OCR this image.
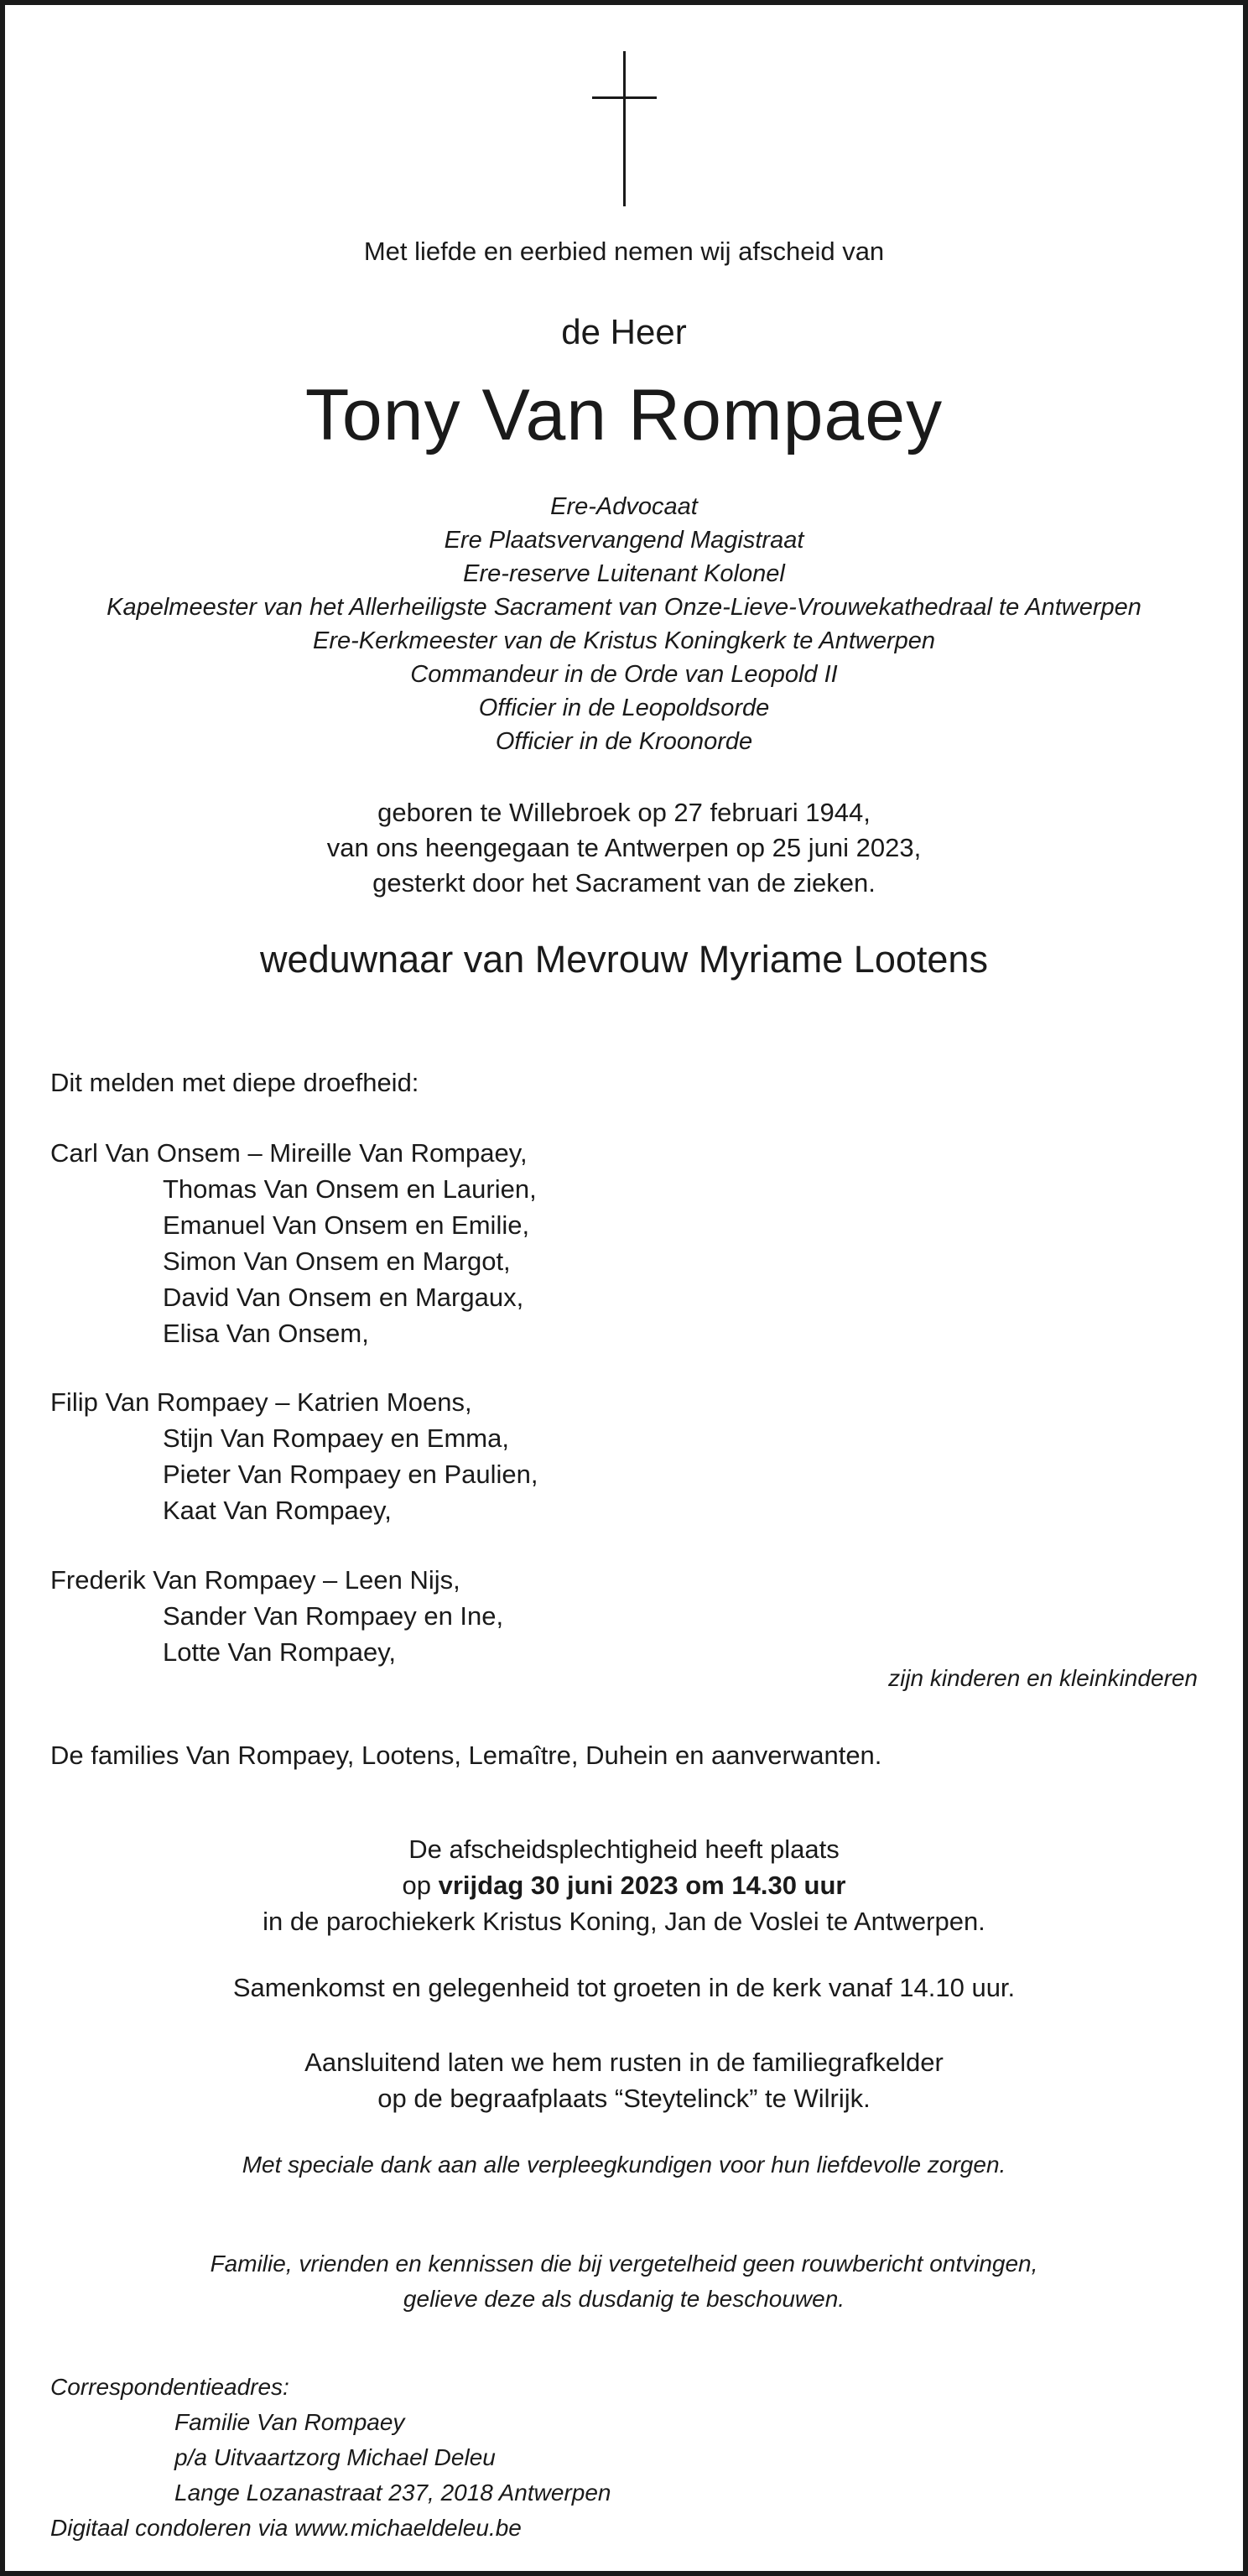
Met liefde en eerbied nemen wij afscheid van
de Heer
Tony Van Rompaey
Ere-Advocaat
Ere Plaatsvervangend Magistraat
Ere-reserve Luitenant Kolonel
Kapelmeester van het Allerheiligste Sacrament van Onze-Lieve-Vrouwekathedraal te Antwerpen
Ere-Kerkmeester van de Kristus Koningkerk te Antwerpen
Commandeur in de Orde van Leopold II
Officier in de Leopoldsorde
Officier in de Kroonorde
geboren te Willebroek op 27 februari 1944,
van ons heengegaan te Antwerpen op 25 juni 2023,
gesterkt door het Sacrament van de zieken.
weduwnaar van Mevrouw Myriame Lootens
Dit melden met diepe droefheid:
Carl Van Onsem – Mireille Van Rompaey,
Thomas Van Onsem en Laurien,
Emanuel Van Onsem en Emilie,
Simon Van Onsem en Margot,
David Van Onsem en Margaux,
Elisa Van Onsem,
Filip Van Rompaey – Katrien Moens,
Stijn Van Rompaey en Emma,
Pieter Van Rompaey en Paulien,
Kaat Van Rompaey,
Frederik Van Rompaey – Leen Nijs,
Sander Van Rompaey en Ine,
Lotte Van Rompaey,
zijn kinderen en kleinkinderen
De families Van Rompaey, Lootens, Lemaître, Duhein en aanverwanten.
De afscheidsplechtigheid heeft plaats
op vrijdag 30 juni 2023 om 14.30 uur
in de parochiekerk Kristus Koning, Jan de Voslei te Antwerpen.
Samenkomst en gelegenheid tot groeten in de kerk vanaf 14.10 uur.
Aansluitend laten we hem rusten in de familiegrafkelder
op de begraafplaats “Steytelinck” te Wilrijk.
Met speciale dank aan alle verpleegkundigen voor hun liefdevolle zorgen.
Familie, vrienden en kennissen die bij vergetelheid geen rouwbericht ontvingen,
gelieve deze als dusdanig te beschouwen.
Correspondentieadres:
Familie Van Rompaey
p/a Uitvaartzorg Michael Deleu
Lange Lozanastraat 237, 2018 Antwerpen
Digitaal condoleren via www.michaeldeleu.be
